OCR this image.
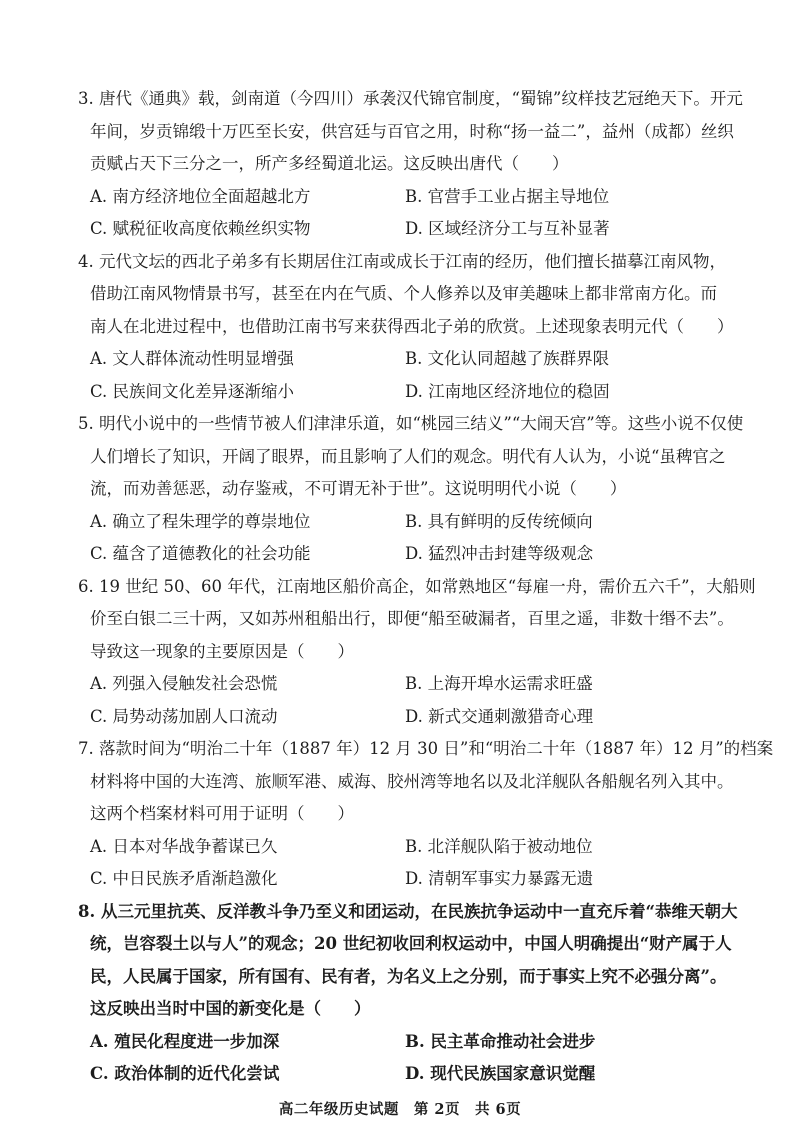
3. 唐代《通典》载，剑南道（今四川）承袭汉代锦官制度，“蜀锦”纹样技艺冠绝天下。开元
年间，岁贡锦缎十万匹至长安，供宫廷与百官之用，时称“扬一益二”，益州（成都）丝织
贡赋占天下三分之一，所产多经蜀道北运。这反映出唐代（　　）
A. 南方经济地位全面超越北方	B. 官营手工业占据主导地位
C. 赋税征收高度依赖丝织实物	D. 区域经济分工与互补显著
4. 元代文坛的西北子弟多有长期居住江南或成长于江南的经历，他们擅长描摹江南风物，
借助江南风物情景书写，甚至在内在气质、个人修养以及审美趣味上都非常南方化。而
南人在北进过程中，也借助江南书写来获得西北子弟的欣赏。上述现象表明元代（　　）
A. 文人群体流动性明显增强	B. 文化认同超越了族群界限
C. 民族间文化差异逐渐缩小	D. 江南地区经济地位的稳固
5. 明代小说中的一些情节被人们津津乐道，如“桃园三结义”“大闹天宫”等。这些小说不仅使
人们增长了知识，开阔了眼界，而且影响了人们的观念。明代有人认为，小说“虽稗官之
流，而劝善惩恶，动存鉴戒，不可谓无补于世”。这说明明代小说（　　）
A. 确立了程朱理学的尊崇地位	B. 具有鲜明的反传统倾向
C. 蕴含了道德教化的社会功能	D. 猛烈冲击封建等级观念
6. 19 世纪 50、60 年代，江南地区船价高企，如常熟地区“每雇一舟，需价五六千”，大船则
价至白银二三十两，又如苏州租船出行，即便“船至破漏者，百里之遥，非数十缗不去”。
导致这一现象的主要原因是（　　）
A. 列强入侵触发社会恐慌	B. 上海开埠水运需求旺盛
C. 局势动荡加剧人口流动	D. 新式交通刺激猎奇心理
7. 落款时间为“明治二十年（1887 年）12 月 30 日”和“明治二十年（1887 年）12 月”的档案
材料将中国的大连湾、旅顺军港、威海、胶州湾等地名以及北洋舰队各船舰名列入其中。
这两个档案材料可用于证明（　　）
A. 日本对华战争蓄谋已久	B. 北洋舰队陷于被动地位
C. 中日民族矛盾渐趋激化	D. 清朝军事实力暴露无遗
8. 从三元里抗英、反洋教斗争乃至义和团运动，在民族抗争运动中一直充斥着“恭维天朝大
统，岂容裂土以与人”的观念；20 世纪初收回利权运动中，中国人明确提出“财产属于人
民，人民属于国家，所有国有、民有者，为名义上之分别，而于事实上究不必强分离”。
这反映出当时中国的新变化是（　　）
A. 殖民化程度进一步加深	B. 民主革命推动社会进步
C. 政治体制的近代化尝试	D. 现代民族国家意识觉醒
高二年级历史试题　第 2页　共 6页
